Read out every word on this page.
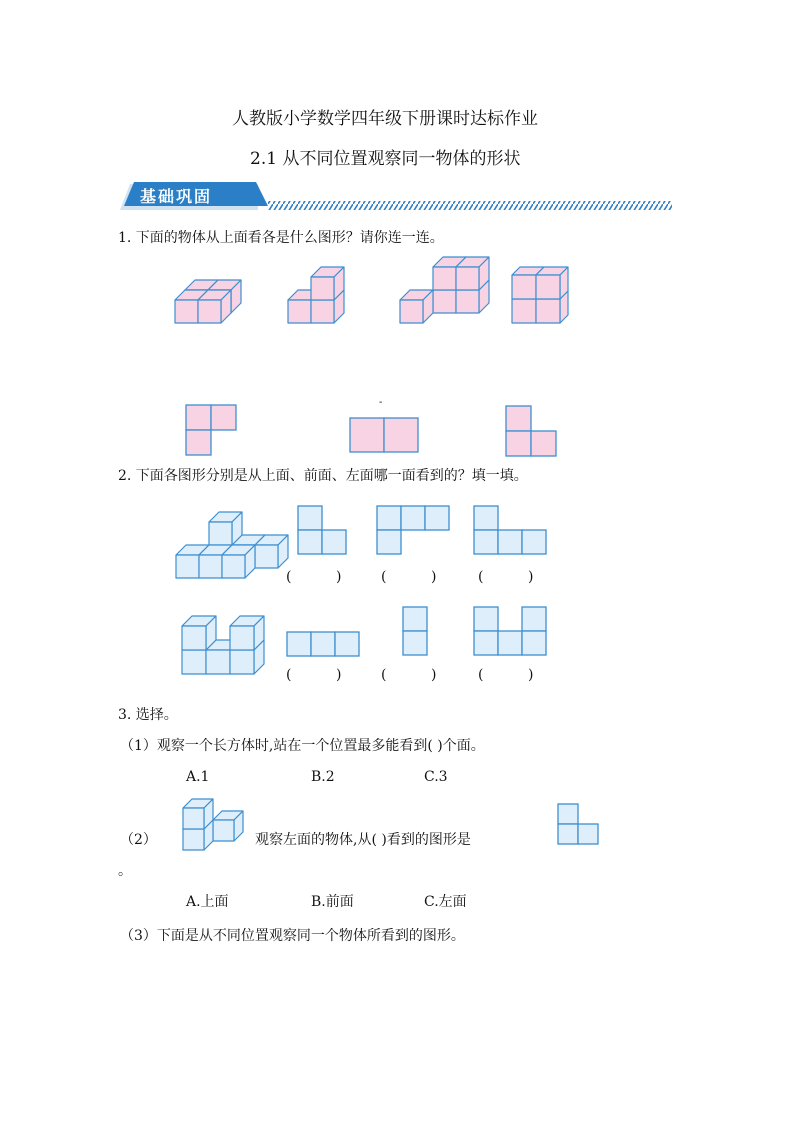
人教版小学数学四年级下册课时达标作业
2.1 从不同位置观察同一物体的形状
基础巩固
1. 下面的物体从上面看各是什么图形？请你连一连。
-
2. 下面各图形分别是从上面、前面、左面哪一面看到的？填一填。
(          )	(          )	(          )
(          )	(          )	(          )
3. 选择。
（1）观察一个长方体时,站在一个位置最多能看到( )个面。
A.1	B.2	C.3
（2）	观察左面的物体,从( )看到的图形是
。
A.上面	B.前面	C.左面
（3）下面是从不同位置观察同一个物体所看到的图形。
